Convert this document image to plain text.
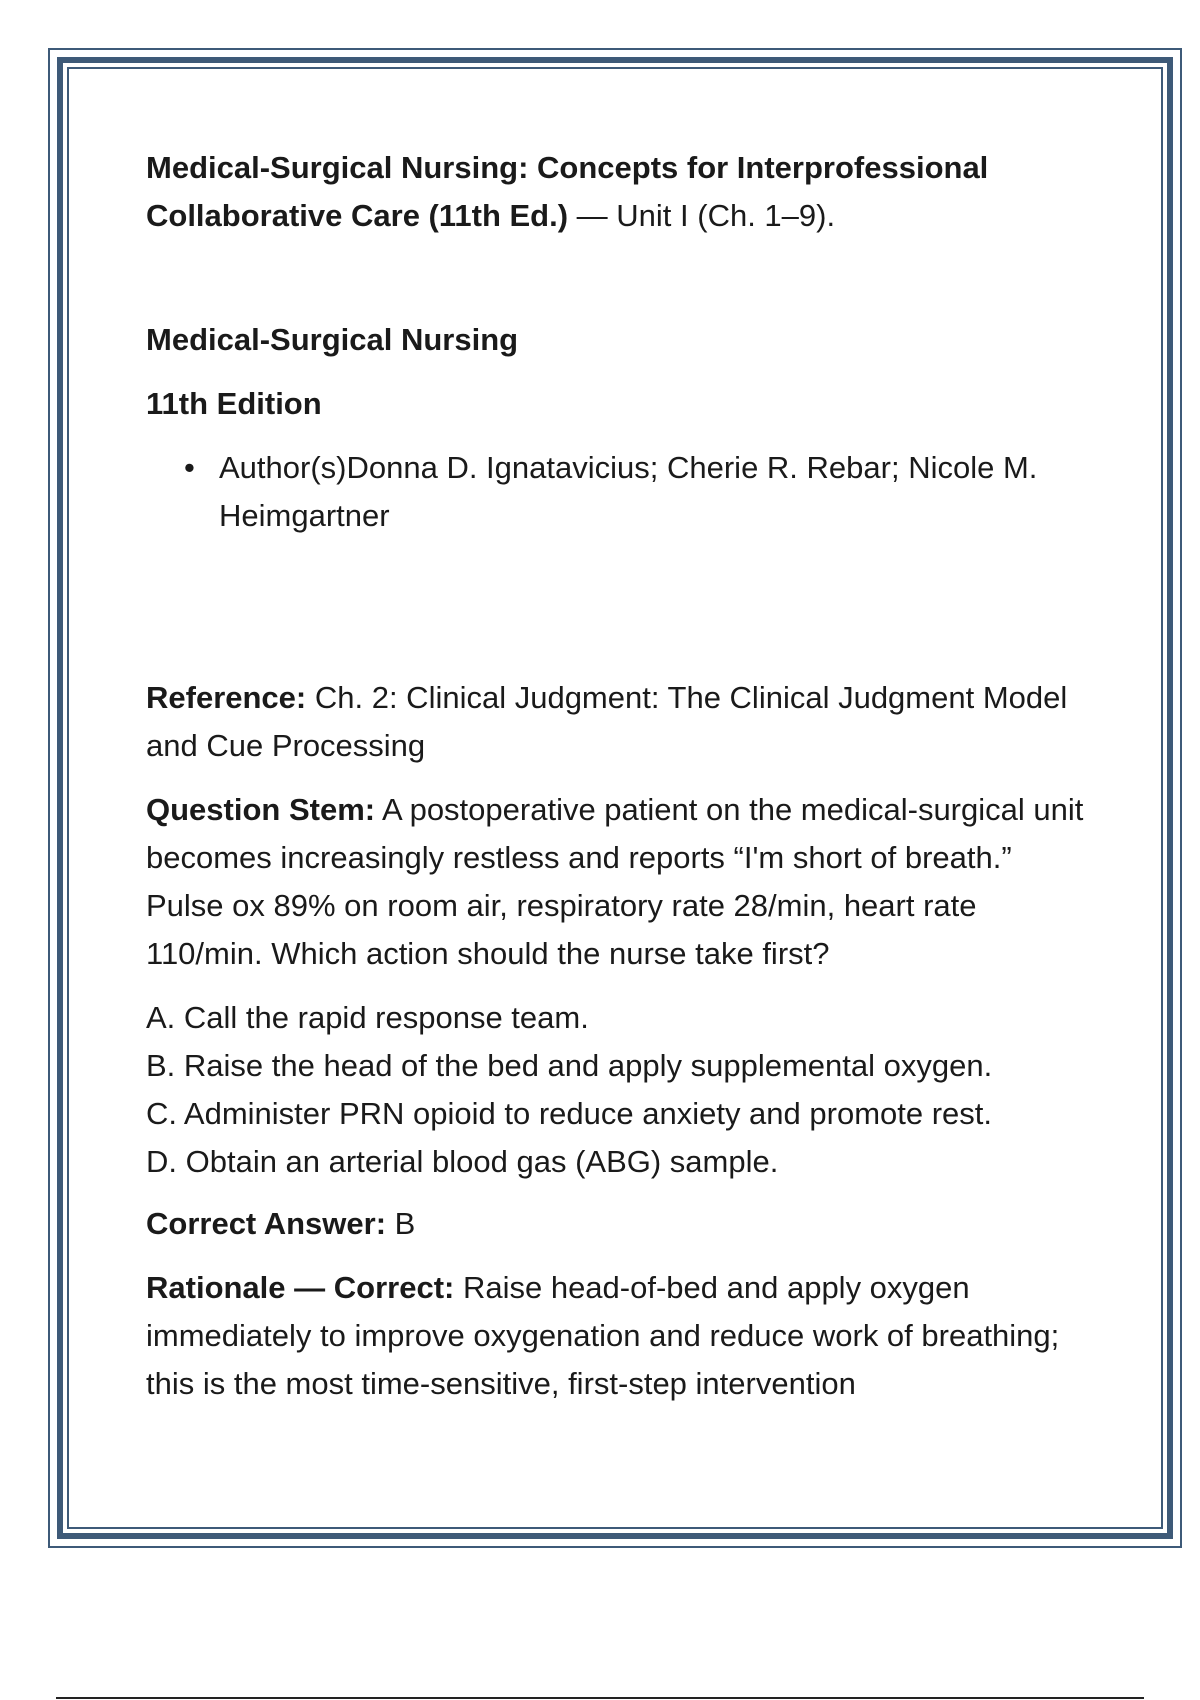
Medical-Surgical Nursing: Concepts for Interprofessional Collaborative Care (11th Ed.) — Unit I (Ch. 1–9).

Medical-Surgical Nursing

11th Edition

• Author(s)Donna D. Ignatavicius; Cherie R. Rebar; Nicole M. Heimgartner

Reference: Ch. 2: Clinical Judgment: The Clinical Judgment Model and Cue Processing

Question Stem: A postoperative patient on the medical-surgical unit becomes increasingly restless and reports “I'm short of breath.” Pulse ox 89% on room air, respiratory rate 28/min, heart rate 110/min. Which action should the nurse take first?

A. Call the rapid response team.
B. Raise the head of the bed and apply supplemental oxygen.
C. Administer PRN opioid to reduce anxiety and promote rest.
D. Obtain an arterial blood gas (ABG) sample.

Correct Answer: B

Rationale — Correct: Raise head-of-bed and apply oxygen immediately to improve oxygenation and reduce work of breathing; this is the most time-sensitive, first-step intervention
